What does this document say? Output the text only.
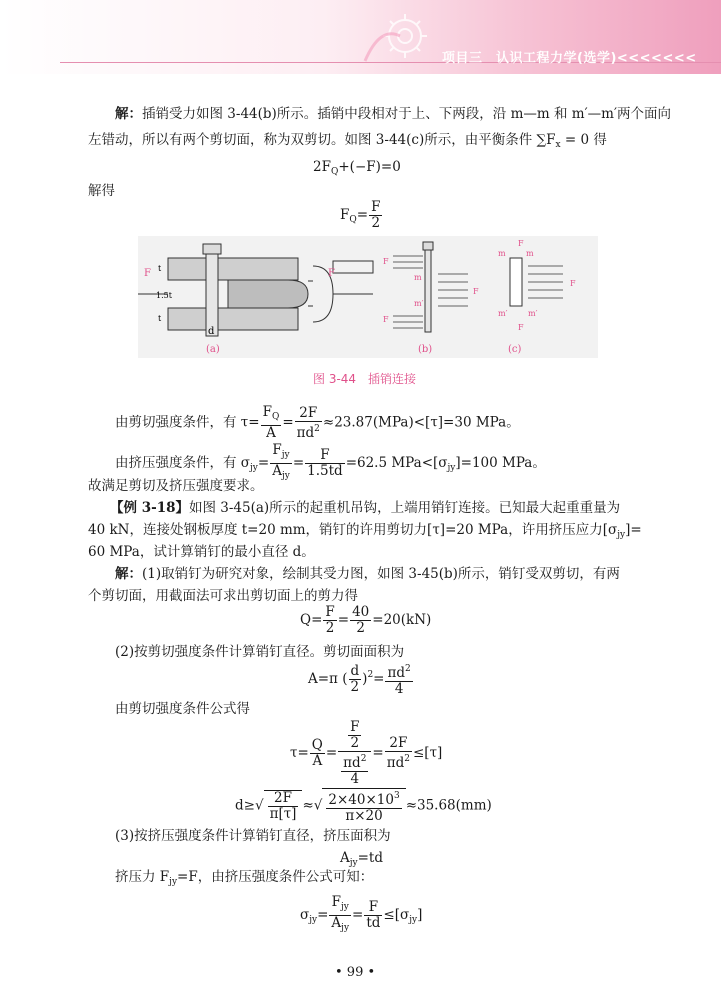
项目三　认识工程力学(选学)<<<<<<<
解：插销受力如图 3-44(b)所示。插销中段相对于上、下两段，沿 m—m 和 m′—m′两个面向
左错动，所以有两个剪切面，称为双剪切。如图 3-44(c)所示，由平衡条件 $\sum F_x = 0$ 得
$2F_Q+(-F)=0$
解得
$F_Q= \frac{F}{2}$
F	F
d
t
1.5t
t
(a)
F
F
F
m
m′
(b)
m	m
m′	m′
F
F
F
(c)
图 3-44　插销连接
由剪切强度条件，有 $\tau= \frac{F_Q}{A} = \frac{2F}{\pi d^2} \approx 23.87(MPa)<[\tau]=30$ MPa。
由挤压强度条件，有 $\sigma_{jy}= \frac{F_{jy}}{A_{jy}} = \frac{F}{1.5td} =62.5$ $MPa<[\sigma_{jy}]=100$ MPa。
故满足剪切及挤压强度要求。
【例 3-18】如图 3-45(a)所示的起重机吊钩，上端用销钉连接。已知最大起重重量为
40 kN，连接处钢板厚度 t=20 mm，销钉的许用剪切力[τ]=20 MPa，许用挤压应力$[\sigma_{jy}]=$
60 MPa，试计算销钉的最小直径 d。
解：(1)取销钉为研究对象，绘制其受力图，如图 3-45(b)所示，销钉受双剪切，有两
个剪切面，用截面法可求出剪切面上的剪力得
$Q= \frac{F}{2} = \frac{40}{2} =20(kN)$
(2)按剪切强度条件计算销钉直径。剪切面面积为
A=π ( $\frac{d}{2} )^2= \frac{\pi d^2}{4}$
由剪切强度条件公式得
$\tau= \frac{Q}{A} = \frac{\frac{F}{2}}{\frac{\pi d^2}{4}} = \frac{2F}{\pi d^2} \le[\tau]$
$d\ge√ \frac{2F}{\pi[\tau]}$ ≈√ $\frac{2\times 40\times 10^3}{\pi\times 20} \approx 35.68(mm)$
(3)按挤压强度条件计算销钉直径，挤压面积为
$A_{jy}=td$
挤压力 $F_{jy}=F$，由挤压强度条件公式可知：
$\sigma_{jy}= \frac{F_{jy}}{A_{jy}} = \frac{F}{td} \le[\sigma_{jy}]$
• 99 •
